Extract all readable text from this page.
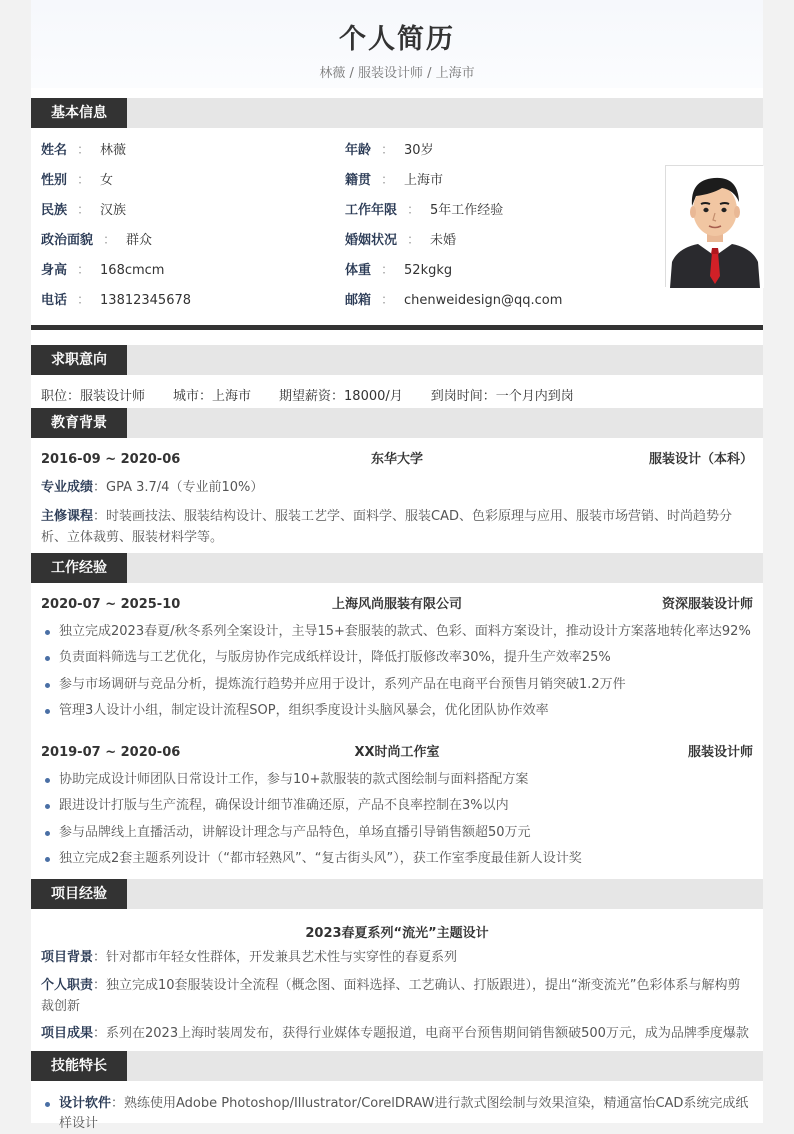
个人简历
林薇 / 服装设计师 / 上海市
基本信息
姓名 ： 林薇	年龄 ： 30岁
性别 ： 女	籍贯 ： 上海市
民族 ： 汉族	工作年限 ： 5年工作经验
政治面貌 ： 群众	婚姻状况 ： 未婚
身高 ： 168cmcm	体重 ： 52kgkg
电话 ： 13812345678	邮箱 ： chenweidesign@qq.com
求职意向
职位：服装设计师 城市：上海市 期望薪资：18000/月 到岗时间：一个月内到岗
教育背景
2016-09 ~ 2020-06	东华大学	服装设计（本科）
专业成绩：GPA 3.7/4（专业前10%）
主修课程：时装画技法、服装结构设计、服装工艺学、面料学、服装CAD、色彩原理与应用、服装市场营销、时尚趋势分析、立体裁剪、服装材料学等。
工作经验
2020-07 ~ 2025-10	上海风尚服装有限公司	资深服装设计师
独立完成2023春夏/秋冬系列全案设计，主导15+套服装的款式、色彩、面料方案设计，推动设计方案落地转化率达92%
负责面料筛选与工艺优化，与版房协作完成纸样设计，降低打版修改率30%，提升生产效率25%
参与市场调研与竞品分析，提炼流行趋势并应用于设计，系列产品在电商平台预售月销突破1.2万件
管理3人设计小组，制定设计流程SOP，组织季度设计头脑风暴会，优化团队协作效率
2019-07 ~ 2020-06	XX时尚工作室	服装设计师
协助完成设计师团队日常设计工作，参与10+款服装的款式图绘制与面料搭配方案
跟进设计打版与生产流程，确保设计细节准确还原，产品不良率控制在3%以内
参与品牌线上直播活动，讲解设计理念与产品特色，单场直播引导销售额超50万元
独立完成2套主题系列设计（“都市轻熟风”、“复古街头风”），获工作室季度最佳新人设计奖
项目经验
2023春夏系列“流光”主题设计
项目背景：针对都市年轻女性群体，开发兼具艺术性与实穿性的春夏系列
个人职责：独立完成10套服装设计全流程（概念图、面料选择、工艺确认、打版跟进），提出“渐变流光”色彩体系与解构剪裁创新
项目成果：系列在2023上海时装周发布，获得行业媒体专题报道，电商平台预售期间销售额破500万元，成为品牌季度爆款
技能特长
设计软件：熟练使用Adobe Photoshop/Illustrator/CorelDRAW进行款式图绘制与效果渲染，精通富怡CAD系统完成纸样设计
